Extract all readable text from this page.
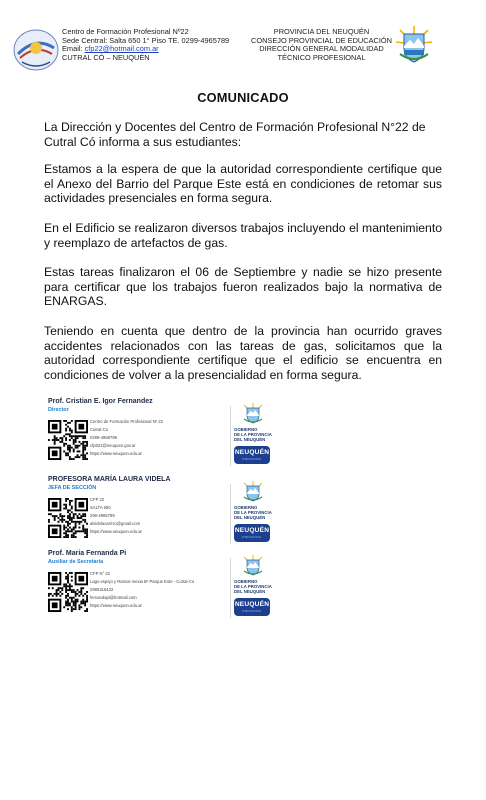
Centro de Formación Profesional Nº22
Sede Central: Salta 650 1° Piso TE. 0299-4965789
Email: cfp22@hotmail.com.ar
CUTRAL CÓ – NEUQUÉN
PROVINCIA DEL NEUQUÉN
CONSEJO PROVINCIAL DE EDUCACIÓN
DIRECCIÓN GENERAL MODALIDAD
TÉCNICO PROFESIONAL
COMUNICADO
La Dirección y Docentes del Centro de Formación Profesional N°22 de Cutral Có informa a sus estudiantes:
Estamos a la espera de que la autoridad correspondiente certifique que el Anexo del Barrio del Parque Este está en condiciones de retomar sus actividades presenciales en forma segura.
En el Edificio se realizaron diversos trabajos incluyendo el mantenimiento y reemplazo de artefactos de gas.
Estas tareas finalizaron el 06 de Septiembre y nadie se hizo presente para certificar que los trabajos fueron realizados bajo la normativa de ENARGAS.
Teniendo en cuenta que dentro de la provincia han ocurrido graves accidentes relacionados con las tareas de gas, solicitamos que la autoridad correspondiente certifique que el edificio se encuentra en condiciones de volver a la presencialidad en forma segura.
Prof. Cristian E. Igor Fernandez
Director
Centro de Formación Profesional Nº 22
Cutral-Co
0299-4965789
cfp022@neuquen.gov.ar
https://www.neuquen.edu.ar
GOBIERNO
DE LA PROVINCIA
DEL NEUQUÉN
NEUQUÉN
PROVINCIA
PROFESORA MARÍA LAURA VIDELA
JEFA DE SECCIÓN
CFP 22
SALTA 650
299-4965789
alvidelacarrizo@gmail.com
https://www.neuquen.edu.ar
GOBIERNO
DE LA PROVINCIA
DEL NEUQUÉN
NEUQUÉN
PROVINCIA
Prof. Maria Fernanda Pi
Auxiliar de Secretaría
CFP N° 22
Lago espejo y Ramos mexia Bº Parque Este - Cutral-Co
2995315432
fernandapi@hotmail.com
https://www.neuquen.edu.ar
GOBIERNO
DE LA PROVINCIA
DEL NEUQUÉN
NEUQUÉN
PROVINCIA
